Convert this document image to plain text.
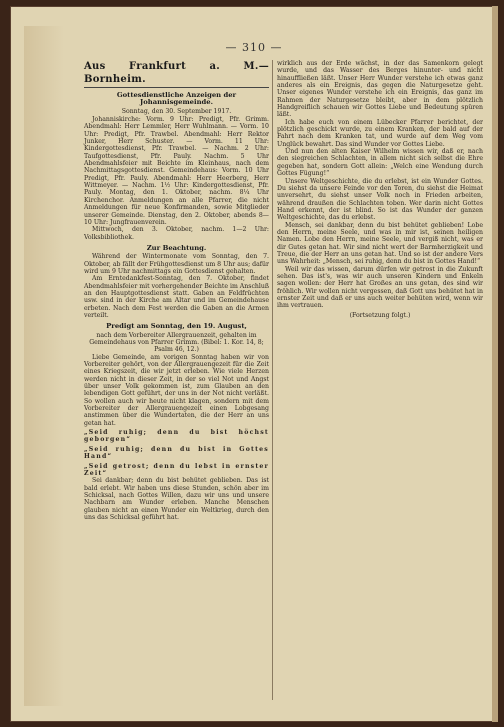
— 310 —
Aus Frankfurt a. M.—Bornheim.
Gottesdienstliche Anzeigen der Johannisgemeinde.
Sonntag, den 30. September 1917.

Johanniskirche: Vorm. 9 Uhr: Predigt, Pfr. Grimm. Abendmahl: Herr Lemmler, Herr Wuhlmann. — Vorm. 10 Uhr: Predigt, Pfr. Trawbel. Abendmahl: Herr Rektor Junker, Herr Schuster. — Vorm. 11 Uhr: Kindergottesdienst, Pfr. Trawbel. — Nachm. 2 Uhr: Taufgottesdienst, Pfr. Pauly. Nachm. 5 Uhr Abendmahlsfeier mit Beichte im Kleinhaus, nach dem Nachmittagsgottesdienst. Gemeindehaus: Vorm. 10 Uhr Predigt, Pfr. Pauly. Abendmahl: Herr Heerberg, Herr Wittmeyer. — Nachm. 1½ Uhr: Kindergottesdienst, Pfr. Pauly. Montag, den 1. Oktober, nachm. 8¼ Uhr Kirchenchor. Anmeldungen an alle Pfarrer, die nicht Anmeldungen für neue Konfirmanden, sowie Mitglieder unserer Gemeinde. Dienstag, den 2. Oktober, abends 8—10 Uhr: Jungfrauenverein.

Mittwoch, den 3. Oktober, nachm. 1—2 Uhr: Volksbibliothek.

Zur Beachtung.

Während der Wintermonate vom Sonntag, den 7. Oktober, ab fällt der Frühgottesdienst um 8 Uhr aus; dafür wird um 9 Uhr nachmittags ein Gottesdienst gehalten.

Am Erntedankfest-Sonntag, den 7. Oktober, findet Abendmahlsfeier mit vorhergehender Beichte im Anschluß an den Hauptgottesdienst statt. Gaben an Feldfrüchten usw. sind in der Kirche am Altar und im Gemeindehause erbeten. Nach dem Fest werden die Gaben an die Armen verteilt.

Predigt am Sonntag, den 19. August,
nach dem Vorbereiter Allergrauenzeit, gehalten im Gemeindehaus von Pfarrer Grimm. (Bibel: 1. Kor. 14, 8; Psalm 46, 12.)

Liebe Gemeinde, am vorigen Sonntag haben wir von Vorbereiter gehört, von der Allergrauengezeit für die Zeit eines Kriegszeit, die wir jetzt erleben. Wie viele Herzen werden nicht in dieser Zeit, in der so viel Not und Angst über unser Volk gekommen ist, zum Glauben an den lebendigen Gott geführt, der uns in der Not nicht verläßt. So wollen auch wir heute nicht klagen, sondern mit dem Vorbereiter der Allergrauengezeit einen Lobgesang anstimmen über die Wundertaten, die der Herr an uns getan hat.

„Seid ruhig; denn du bist höchst geborgen“

„Seid ruhig; denn du bist in Gottes Hand“

„Seid getrost; denn du lebst in ernster Zeit“

Sei dankbar; denn du bist behütet geblieben. Das ist bald erlebt. Wir haben uns diese Stunden, schön aber im Schicksal, nach Gottes Willen, dazu wir uns und unsere Nachbarn am Wunder erleben. Manche Menschen glauben nicht an einen Wunder ein Weltkrieg, durch den uns das Schicksal geführt hat.

wirklich aus der Erde wächst, in der das Samenkorn gelegt wurde, und das Wasser des Berges hinunter- und nicht hinauffließen läßt. Unser Herr Wunder verstehe ich etwas ganz anderes als ein Ereignis, das gegen die Naturgesetze geht. Unser eigenes Wunder verstehe ich ein Ereignis, das ganz im Rahmen der Naturgesetze bleibt, aber in dem plötzlich Handgreiflich schauen wir Gottes Liebe und Bedeutung spüren läßt.

Ich habe euch von einem Lübecker Pfarrer berichtet, der plötzlich geschickt wurde, zu einem Kranken, der bald auf der Fahrt nach dem Kranken tat, und wurde auf dem Weg vom Unglück bewahrt. Das sind Wunder vor Gottes Liebe.

Und nun den alten Kaiser Wilhelm wissen wir, daß er, nach den siegreichen Schlachten, in allem nicht sich selbst die Ehre gegeben hat, sondern Gott allein: „Welch eine Wendung durch Gottes Fügung!“

Unsere Weltgeschichte, die du erlebst, ist ein Wunder Gottes. Du siehst da unsere Feinde vor den Toren, du siehst die Heimat unversehrt, du siehst unser Volk noch in Frieden arbeiten, während draußen die Schlachten toben. Wer darin nicht Gottes Hand erkennt, der ist blind. So ist das Wunder der ganzen Weltgeschichte, das du erlebst.

Mensch, sei dankbar, denn du bist behütet geblieben! Lobe den Herrn, meine Seele, und was in mir ist, seinen heiligen Namen. Lobe den Herrn, meine Seele, und vergiß nicht, was er dir Gutes getan hat. Wir sind nicht wert der Barmherzigkeit und Treue, die der Herr an uns getan hat. Und so ist der andere Vers uns Wahrheit: „Mensch, sei ruhig, denn du bist in Gottes Hand!“

Weil wir das wissen, darum dürfen wir getrost in die Zukunft sehen. Das ist's, was wir auch unseren Kindern und Enkeln sagen wollen: der Herr hat Großes an uns getan, des sind wir fröhlich. Wir wollen nicht vergessen, daß Gott uns behütet hat in ernster Zeit und daß er uns auch weiter behüten wird, wenn wir ihm vertrauen.

(Fortsetzung folgt.)
